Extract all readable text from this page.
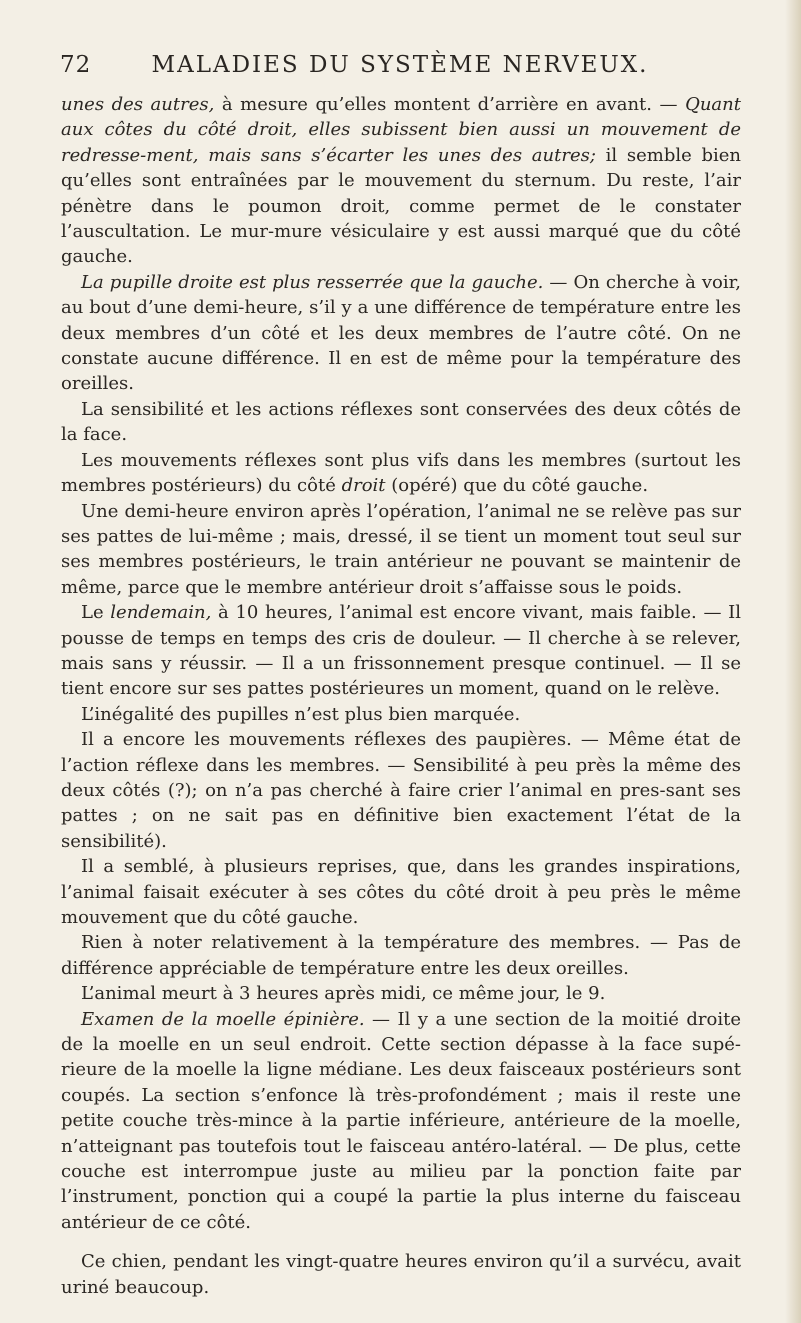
72	MALADIES DU SYSTÈME NERVEUX.

unes des autres, à mesure qu’elles montent d’arrière en avant. — Quant aux côtes du côté droit, elles subissent bien aussi un mouvement de redresse-ment, mais sans s’écarter les unes des autres; il semble bien qu’elles sont entraînées par le mouvement du sternum. Du reste, l’air pénètre dans le poumon droit, comme permet de le constater l’auscultation. Le mur-mure vésiculaire y est aussi marqué que du côté gauche.

La pupille droite est plus resserrée que la gauche. — On cherche à voir, au bout d’une demi-heure, s’il y a une différence de température entre les deux membres d’un côté et les deux membres de l’autre côté. On ne constate aucune différence. Il en est de même pour la température des oreilles.

La sensibilité et les actions réflexes sont conservées des deux côtés de la face.

Les mouvements réflexes sont plus vifs dans les membres (surtout les membres postérieurs) du côté droit (opéré) que du côté gauche.

Une demi-heure environ après l’opération, l’animal ne se relève pas sur ses pattes de lui-même ; mais, dressé, il se tient un moment tout seul sur ses membres postérieurs, le train antérieur ne pouvant se maintenir de même, parce que le membre antérieur droit s’affaisse sous le poids.

Le lendemain, à 10 heures, l’animal est encore vivant, mais faible. — Il pousse de temps en temps des cris de douleur. — Il cherche à se relever, mais sans y réussir. — Il a un frissonnement presque continuel. — Il se tient encore sur ses pattes postérieures un moment, quand on le relève.

L’inégalité des pupilles n’est plus bien marquée.

Il a encore les mouvements réflexes des paupières. — Même état de l’action réflexe dans les membres. — Sensibilité à peu près la même des deux côtés (?); on n’a pas cherché à faire crier l’animal en pres-sant ses pattes ; on ne sait pas en définitive bien exactement l’état de la sensibilité).

Il a semblé, à plusieurs reprises, que, dans les grandes inspirations, l’animal faisait exécuter à ses côtes du côté droit à peu près le même mouvement que du côté gauche.

Rien à noter relativement à la température des membres. — Pas de différence appréciable de température entre les deux oreilles.

L’animal meurt à 3 heures après midi, ce même jour, le 9.

Examen de la moelle épinière. — Il y a une section de la moitié droite de la moelle en un seul endroit. Cette section dépasse à la face supé-rieure de la moelle la ligne médiane. Les deux faisceaux postérieurs sont coupés. La section s’enfonce là très-profondément ; mais il reste une petite couche très-mince à la partie inférieure, antérieure de la moelle, n’atteignant pas toutefois tout le faisceau antéro-latéral. — De plus, cette couche est interrompue juste au milieu par la ponction faite par l’instrument, ponction qui a coupé la partie la plus interne du faisceau antérieur de ce côté.

Ce chien, pendant les vingt-quatre heures environ qu’il a survécu, avait uriné beaucoup.
